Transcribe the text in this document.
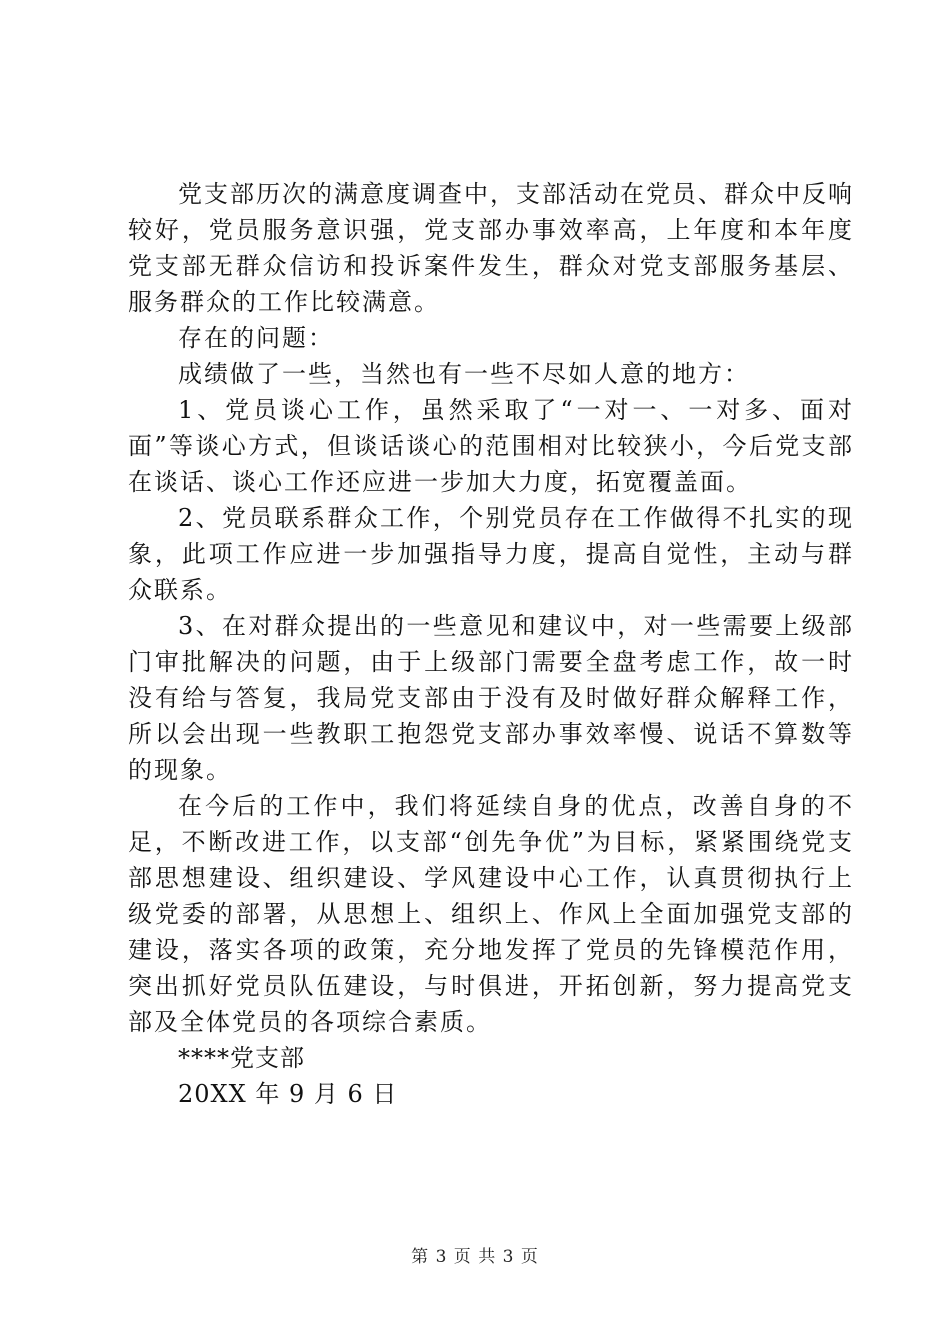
党支部历次的满意度调查中，支部活动在党员、群众中反响较好，党员服务意识强，党支部办事效率高，上年度和本年度党支部无群众信访和投诉案件发生，群众对党支部服务基层、服务群众的工作比较满意。

存在的问题：

成绩做了一些，当然也有一些不尽如人意的地方：

1、党员谈心工作，虽然采取了“一对一、一对多、面对面”等谈心方式，但谈话谈心的范围相对比较狭小，今后党支部在谈话、谈心工作还应进一步加大力度，拓宽覆盖面。

2、党员联系群众工作，个别党员存在工作做得不扎实的现象，此项工作应进一步加强指导力度，提高自觉性，主动与群众联系。

3、在对群众提出的一些意见和建议中，对一些需要上级部门审批解决的问题，由于上级部门需要全盘考虑工作，故一时没有给与答复，我局党支部由于没有及时做好群众解释工作，所以会出现一些教职工抱怨党支部办事效率慢、说话不算数等的现象。

在今后的工作中，我们将延续自身的优点，改善自身的不足，不断改进工作，以支部“创先争优”为目标，紧紧围绕党支部思想建设、组织建设、学风建设中心工作，认真贯彻执行上级党委的部署，从思想上、组织上、作风上全面加强党支部的建设，落实各项的政策，充分地发挥了党员的先锋模范作用，突出抓好党员队伍建设，与时俱进，开拓创新，努力提高党支部及全体党员的各项综合素质。

****党支部

20XX 年 9 月 6 日

第 3 页 共 3 页
